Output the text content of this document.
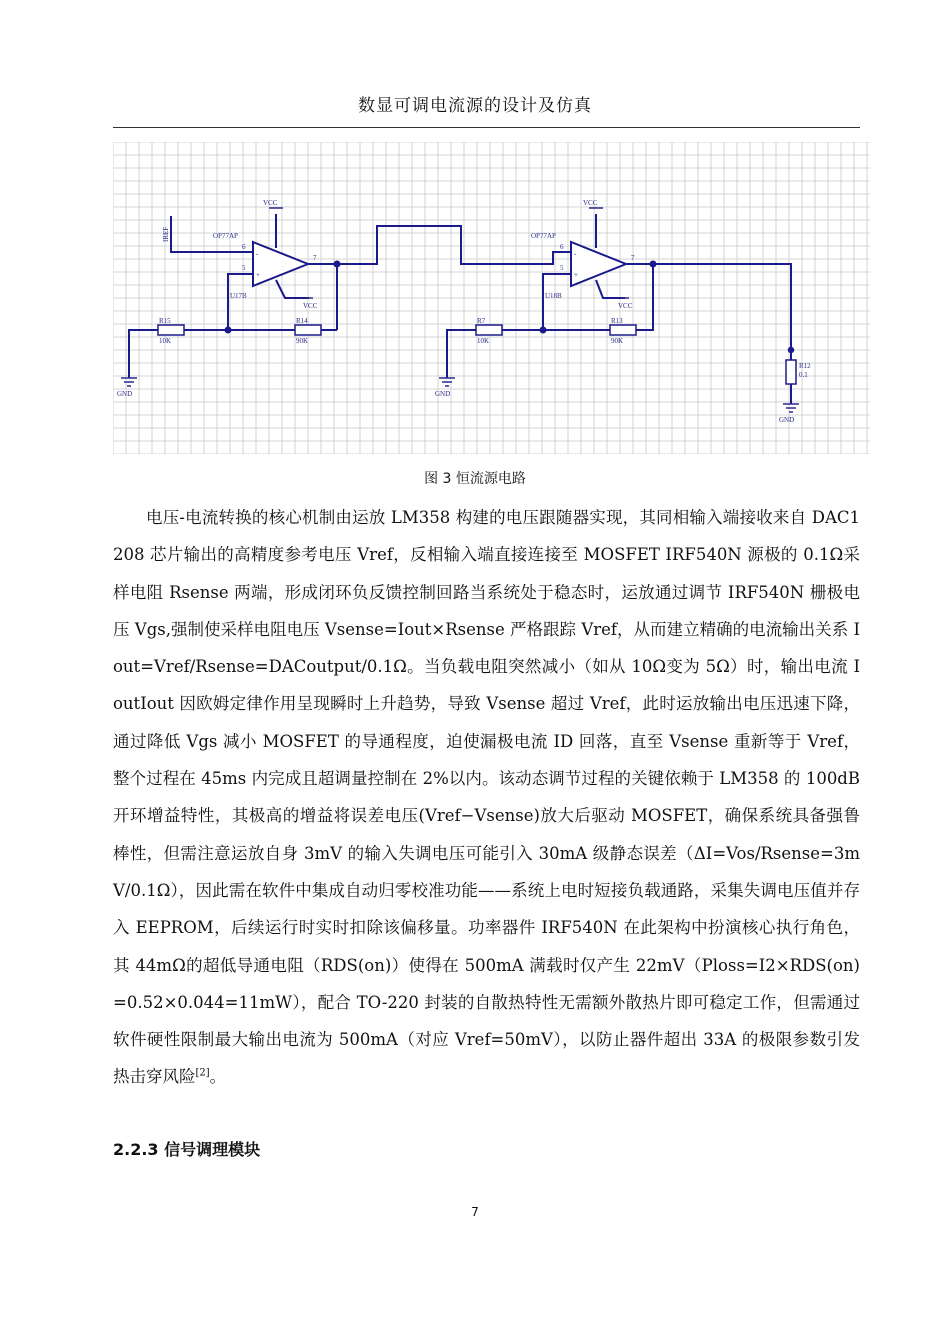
数显可调电流源的设计及仿真
IREF	OP77AP
U17B
OP77AP
U18B
VCC	VCC
VCC	VCC
GND	GND
GND
R15
10K
R14
90K
R7
10K
R13
90K
R12
0.1
-
+
6
5
7	-
+
6
5
7
图 3 恒流源电路

电压-电流转换的核心机制由运放 LM358 构建的电压跟随器实现，其同相输入端接收来自 DAC1208 芯片输出的高精度参考电压 Vref，反相输入端直接连接至 MOSFET IRF540N 源极的 0.1Ω采样电阻 Rsense 两端，形成闭环负反馈控制回路当系统处于稳态时，运放通过调节 IRF540N 栅极电压 Vgs,强制使采样电阻电压 Vsense=Iout×Rsense 严格跟踪 Vref，从而建立精确的电流输出关系 Iout=Vref/Rsense=DACoutput/0.1Ω。当负载电阻突然减小（如从 10Ω变为 5Ω）时，输出电流 IoutIout 因欧姆定律作用呈现瞬时上升趋势，导致 Vsense 超过 Vref，此时运放输出电压迅速下降，通过降低 Vgs 减小 MOSFET 的导通程度，迫使漏极电流 ID 回落，直至 Vsense 重新等于 Vref，整个过程在 45ms 内完成且超调量控制在 2%以内。该动态调节过程的关键依赖于 LM358 的 100dB 开环增益特性，其极高的增益将误差电压(Vref−Vsense)放大后驱动 MOSFET，确保系统具备强鲁棒性，但需注意运放自身 3mV 的输入失调电压可能引入 30mA 级静态误差（ΔI=Vos/Rsense=3mV/0.1Ω），因此需在软件中集成自动归零校准功能——系统上电时短接负载通路，采集失调电压值并存入 EEPROM，后续运行时实时扣除该偏移量。功率器件 IRF540N 在此架构中扮演核心执行角色，其 44mΩ的超低导通电阻（RDS(on)）使得在 500mA 满载时仅产生 22mV（Ploss=I2×RDS(on)=0.52×0.044=11mW），配合 TO-220 封装的自散热特性无需额外散热片即可稳定工作，但需通过软件硬性限制最大输出电流为 500mA（对应 Vref=50mV），以防止器件超出 33A 的极限参数引发热击穿风险[2]。

2.2.3 信号调理模块
7
